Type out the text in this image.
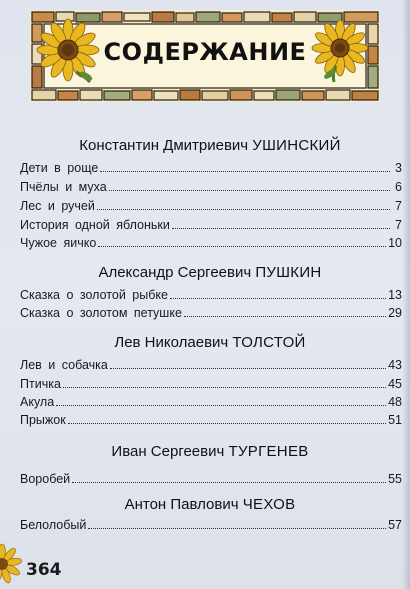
СОДЕРЖАНИЕ
Константин Дмитриевич УШИНСКИЙ
Дети в роще	3
Пчёлы и муха	6
Лес и ручей	7
История одной яблоньки	7
Чужое яичко	10
Александр Сергеевич ПУШКИН
Сказка о золотой рыбке	13
Сказка о золотом петушке	29
Лев Николаевич ТОЛСТОЙ
Лев и собачка	43
Птичка	45
Акула	48
Прыжок	51
Иван Сергеевич ТУРГЕНЕВ
Воробей	55
Антон Павлович ЧЕХОВ
Белолобый	57
364
